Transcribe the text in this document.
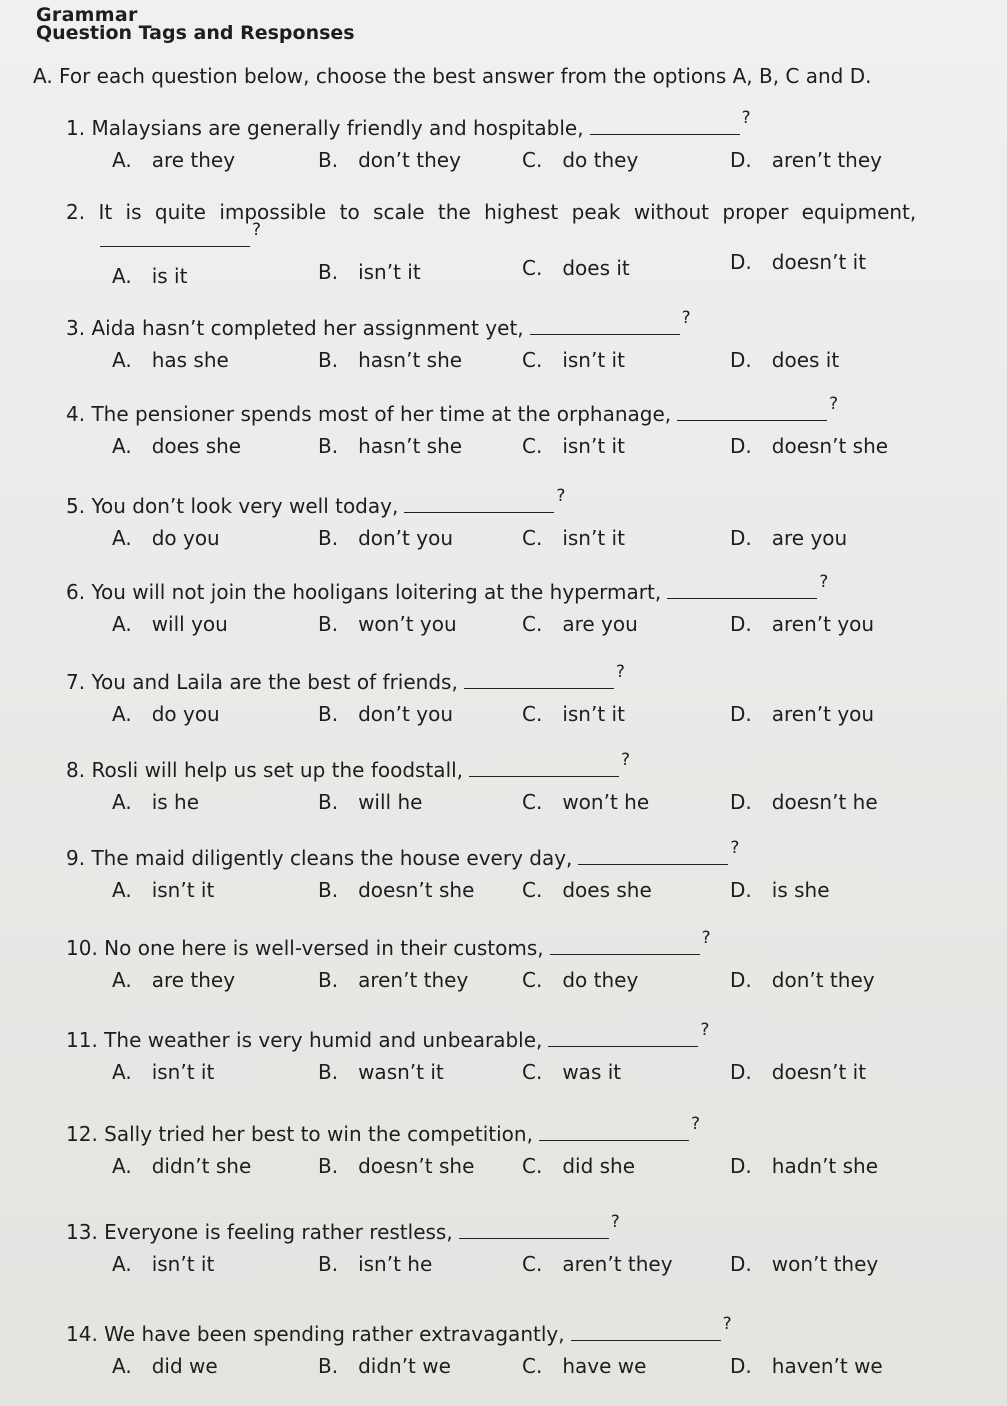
Grammar
Question Tags and Responses
A. For each question below, choose the best answer from the options A, B, C and D.
1. Malaysians are generally friendly and hospitable,	?
A. are they	B. don’t they	C. do they	D. aren’t they
2. It is quite impossible to scale the highest peak without proper equipment,
?
A. is it	B. isn’t it	C. does it	D. doesn’t it
3. Aida hasn’t completed her assignment yet,	?
A. has she	B. hasn’t she	C. isn’t it	D. does it
4. The pensioner spends most of her time at the orphanage,	?
A. does she	B. hasn’t she	C. isn’t it	D. doesn’t she
5. You don’t look very well today,	?
A. do you	B. don’t you	C. isn’t it	D. are you
6. You will not join the hooligans loitering at the hypermart,	?
A. will you	B. won’t you	C. are you	D. aren’t you
7. You and Laila are the best of friends,	?
A. do you	B. don’t you	C. isn’t it	D. aren’t you
8. Rosli will help us set up the foodstall,	?
A. is he	B. will he	C. won’t he	D. doesn’t he
9. The maid diligently cleans the house every day,	?
A. isn’t it	B. doesn’t she C. does she	D. is she
10. No one here is well-versed in their customs,	?
A. are they	B. aren’t they	C. do they	D. don’t they
11. The weather is very humid and unbearable,	?
A. isn’t it	B. wasn’t it	C. was it	D. doesn’t it
12. Sally tried her best to win the competition,	?
A. didn’t she	B. doesn’t she C. did she	D. hadn’t she
13. Everyone is feeling rather restless,	?
A. isn’t it	B. isn’t he	C. aren’t they	D. won’t they
14. We have been spending rather extravagantly,	?
A. did we	B. didn’t we	C. have we	D. haven’t we
